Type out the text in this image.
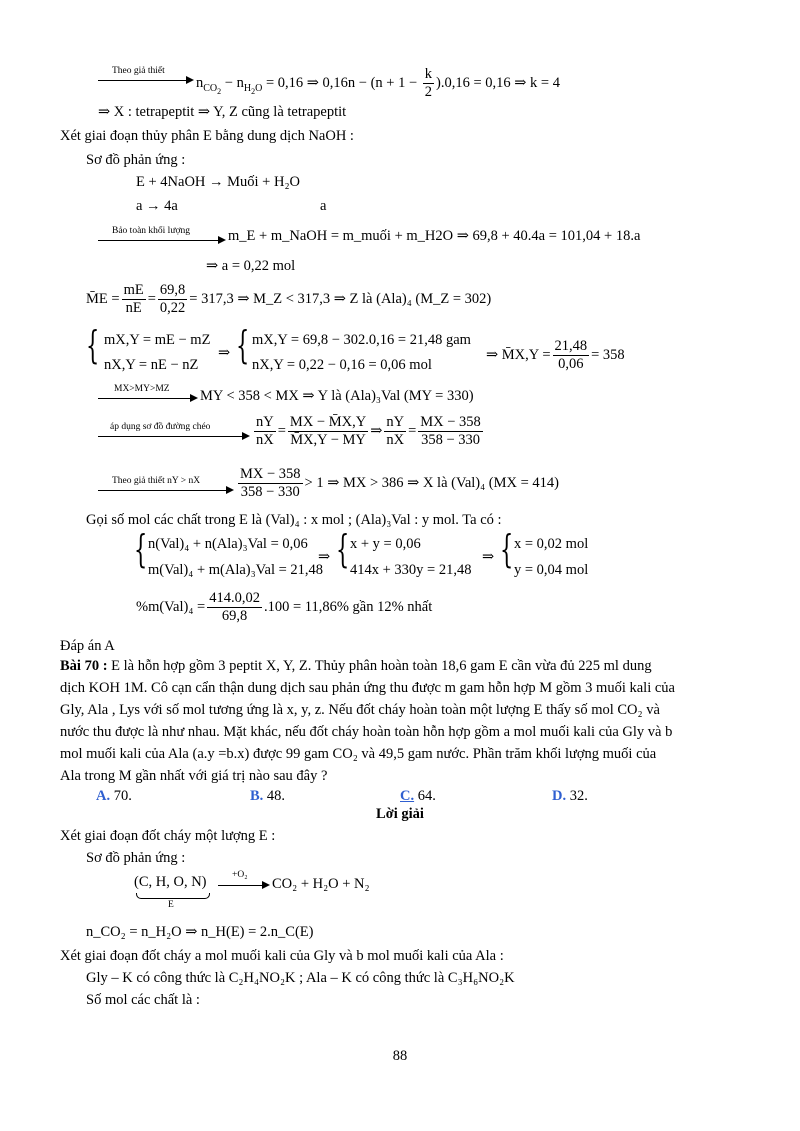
Theo giả thiết
$n_{CO_2} - n_{H_2O} = 0,16$ ⇒ $0,16n - (n + 1 - \frac{k}{2} ).0,16 = 0,16$ ⇒ k = 4
⇒ X : tetrapeptit ⇒ Y, Z cũng là tetrapeptit
Xét giai đoạn thủy phân E bằng dung dịch NaOH :
Sơ đồ phản ứng :
E + 4NaOH → Muối + H₂O
a → 4a	a
Bảo toàn khối lượng	m_E + m_NaOH = m_muối + m_H2O ⇒ 69,8 + 40.4a = 101,04 + 18.a
⇒ a = 0,22 mol
M̄E = $\frac{mE}{nE} = \frac{69,8}{0,22} = 317,3$ ⇒ M_Z < 317,3 ⇒ Z là (Ala)₄ (M_Z = 302)
{ mX,Y = mE − mZ
nX,Y = nE − nZ
⇒ { mX,Y = 69,8 − 302.0,16 = 21,48 gam
nX,Y = 0,22 − 0,16 = 0,06 mol
⇒ M̄X,Y = $\frac{21,48}{0,06} = 358$
MX>MY>MZ MY < 358 < MX ⇒ Y là (Ala)₃Val (MY = 330)
áp dụng sơ đồ đường chéo	$\frac{nY}{nX} = \frac{MX - M̄X,Y}{M̄X,Y - MY}$ ⇒ $\frac{nY}{nX} = \frac{MX - 358}{358 - 330}$
Theo giả thiết nY > nX	$\frac{MX - 358}{358 - 330} > 1$ ⇒ MX > 386 ⇒ X là (Val)₄ (MX = 414)
Gọi số mol các chất trong E là (Val)₄ : x mol ; (Ala)₃Val : y mol. Ta có :
{ n(Val)₄ + n(Ala)₃Val = 0,06
m(Val)₄ + m(Ala)₃Val = 21,48
⇒ { x + y = 0,06
414x + 330y = 21,48
⇒ { x = 0,02 mol
y = 0,04 mol
$\%m(Val)_4 = \frac{414.0,02}{69,8} .100 = 11,86\%$ gần 12% nhất
Đáp án A
Bài 70 : E là hỗn hợp gồm 3 peptit X, Y, Z. Thủy phân hoàn toàn 18,6 gam E cần vừa đủ 225 ml dung
dịch KOH 1M. Cô cạn cẩn thận dung dịch sau phản ứng thu được m gam hỗn hợp M gồm 3 muối kali của
Gly, Ala , Lys với số mol tương ứng là x, y, z. Nếu đốt cháy hoàn toàn một lượng E thấy số mol CO₂ và
nước thu được là như nhau. Mặt khác, nếu đốt cháy hoàn toàn hỗn hợp gồm a mol muối kali của Gly và b
mol muối kali của Ala (a.y =b.x) được 99 gam CO₂ và 49,5 gam nước. Phần trăm khối lượng muối của
Ala trong M gần nhất với giá trị nào sau đây ?
A. 70.	B. 48.	C. 64.	D. 32.
Lời giải
Xét giai đoạn đốt cháy một lượng E :
Sơ đồ phản ứng :
(C, H, O, N)
E
+O₂
CO₂ + H₂O + N₂
n_CO₂ = n_H₂O ⇒ n_H(E) = 2.n_C(E)
Xét giai đoạn đốt cháy a mol muối kali của Gly và b mol muối kali của Ala :
Gly – K có công thức là C₂H₄NO₂K ; Ala – K có công thức là C₃H₆NO₂K
Số mol các chất là :
88
